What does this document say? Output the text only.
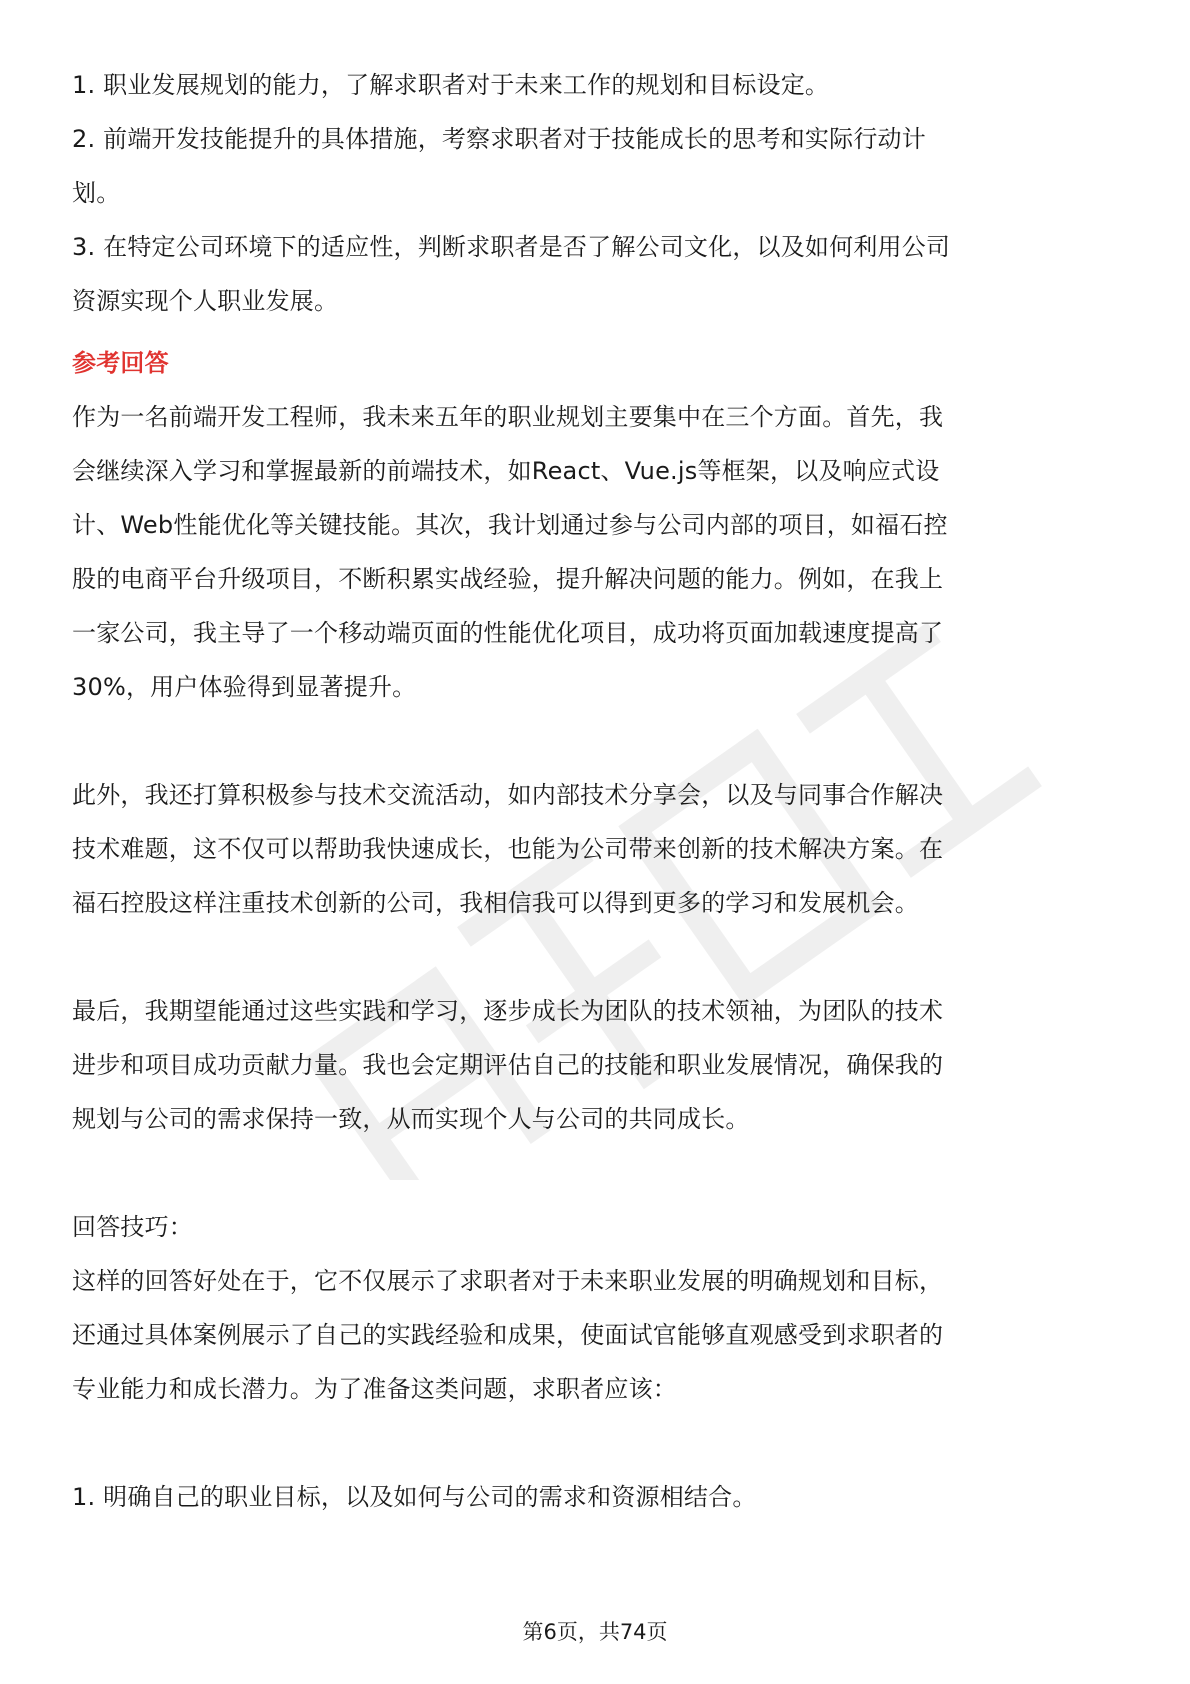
1. 职业发展规划的能力，了解求职者对于未来工作的规划和目标设定。
2. 前端开发技能提升的具体措施，考察求职者对于技能成长的思考和实际行动计
划。
3. 在特定公司环境下的适应性，判断求职者是否了解公司文化，以及如何利用公司
资源实现个人职业发展。
参考回答
作为一名前端开发工程师，我未来五年的职业规划主要集中在三个方面。首先，我
会继续深入学习和掌握最新的前端技术，如React、Vue.js等框架，以及响应式设
计、Web性能优化等关键技能。其次，我计划通过参与公司内部的项目，如福石控
股的电商平台升级项目，不断积累实战经验，提升解决问题的能力。例如，在我上
一家公司，我主导了一个移动端页面的性能优化项目，成功将页面加载速度提高了
30%，用户体验得到显著提升。
此外，我还打算积极参与技术交流活动，如内部技术分享会，以及与同事合作解决
技术难题，这不仅可以帮助我快速成长，也能为公司带来创新的技术解决方案。在
福石控股这样注重技术创新的公司，我相信我可以得到更多的学习和发展机会。
最后，我期望能通过这些实践和学习，逐步成长为团队的技术领袖，为团队的技术
进步和项目成功贡献力量。我也会定期评估自己的技能和职业发展情况，确保我的
规划与公司的需求保持一致，从而实现个人与公司的共同成长。
回答技巧：
这样的回答好处在于，它不仅展示了求职者对于未来职业发展的明确规划和目标，
还通过具体案例展示了自己的实践经验和成果，使面试官能够直观感受到求职者的
专业能力和成长潜力。为了准备这类问题，求职者应该：
1. 明确自己的职业目标，以及如何与公司的需求和资源相结合。
第6页，共74页
